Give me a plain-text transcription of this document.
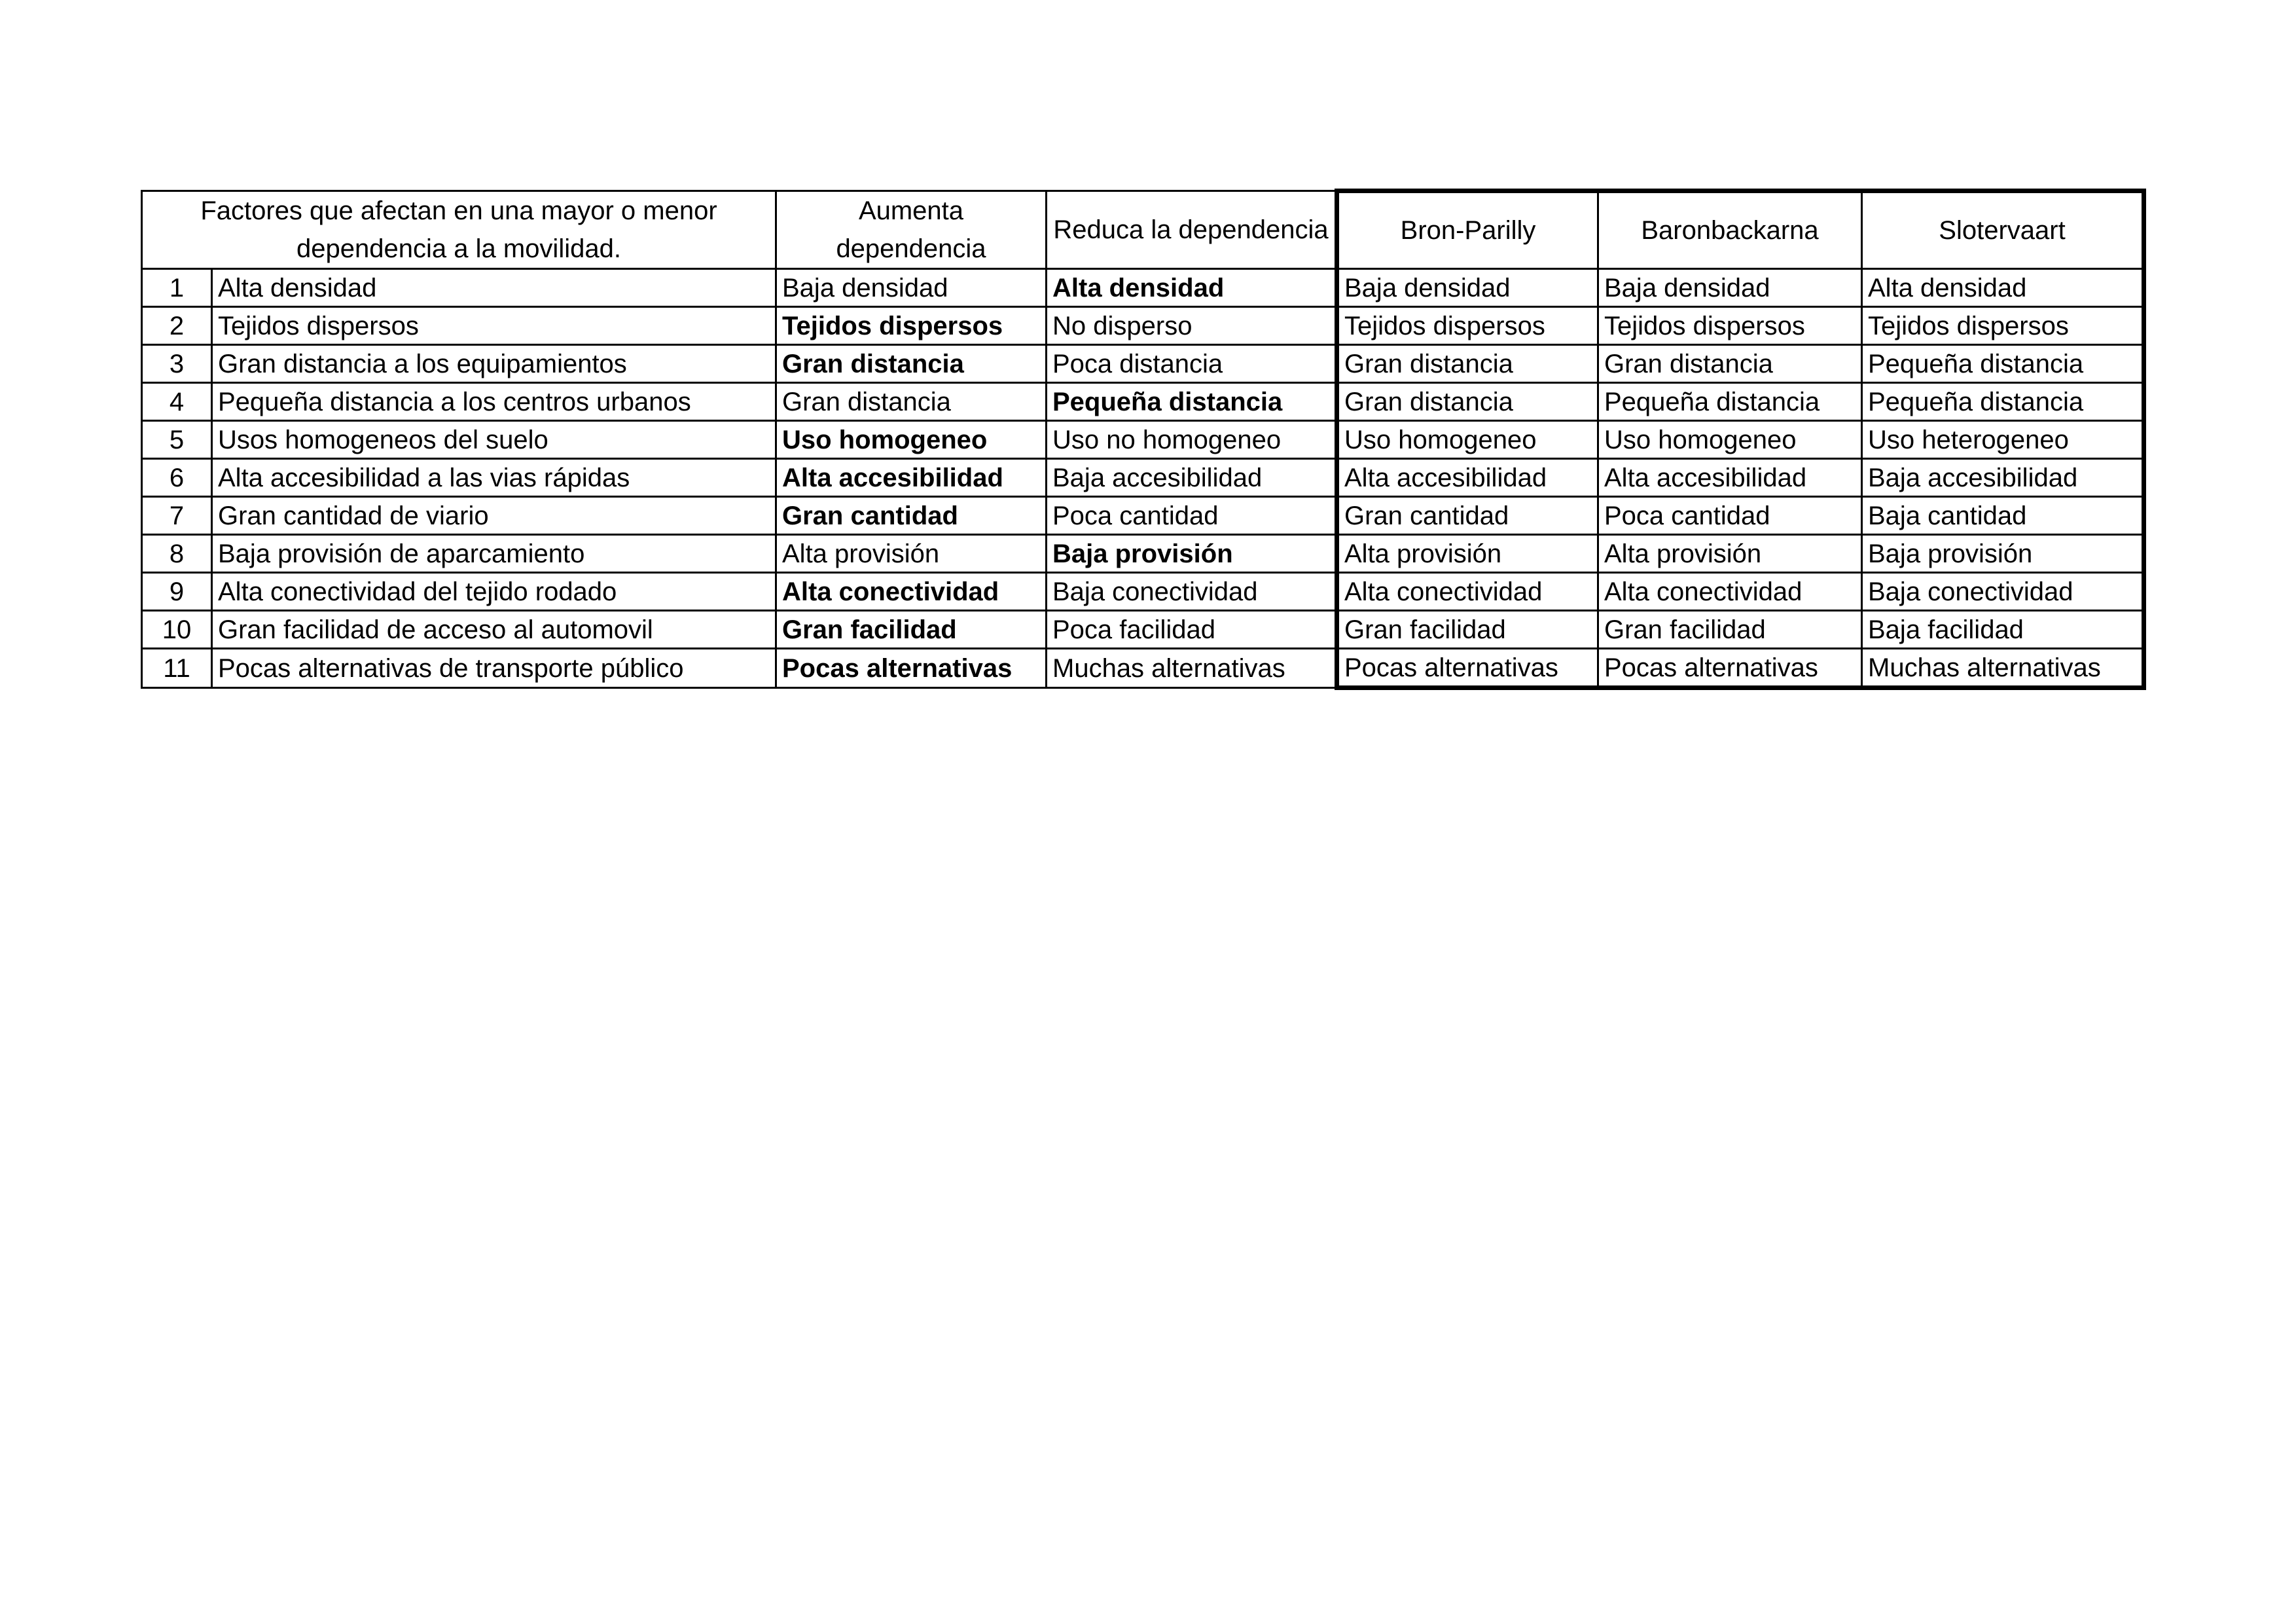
Factores que afectan en una mayor o menor dependencia a la movilidad.		Aumenta dependencia	Reduca la dependencia	Bron-Parilly	Baronbackarna	Slotervaart
1	Alta densidad	Baja densidad	Alta densidad	Baja densidad	Baja densidad	Alta densidad
2	Tejidos dispersos	Tejidos dispersos	No disperso	Tejidos dispersos	Tejidos dispersos	Tejidos dispersos
3	Gran distancia a los equipamientos	Gran distancia	Poca distancia	Gran distancia	Gran distancia	Pequeña distancia
4	Pequeña distancia a los centros urbanos	Gran distancia	Pequeña distancia	Gran distancia	Pequeña distancia	Pequeña distancia
5	Usos homogeneos del suelo	Uso homogeneo	Uso no homogeneo	Uso homogeneo	Uso homogeneo	Uso heterogeneo
6	Alta accesibilidad a las vias rápidas	Alta accesibilidad	Baja accesibilidad	Alta accesibilidad	Alta accesibilidad	Baja accesibilidad
7	Gran cantidad de viario	Gran cantidad	Poca cantidad	Gran cantidad	Poca cantidad	Baja cantidad
8	Baja provisión de aparcamiento	Alta provisión	Baja provisión	Alta provisión	Alta provisión	Baja provisión
9	Alta conectividad del tejido rodado	Alta conectividad	Baja conectividad	Alta conectividad	Alta conectividad	Baja conectividad
10	Gran facilidad de acceso al automovil	Gran facilidad	Poca facilidad	Gran facilidad	Gran facilidad	Baja facilidad
11	Pocas alternativas de transporte público	Pocas alternativas	Muchas alternativas	Pocas alternativas	Pocas alternativas	Muchas alternativas
